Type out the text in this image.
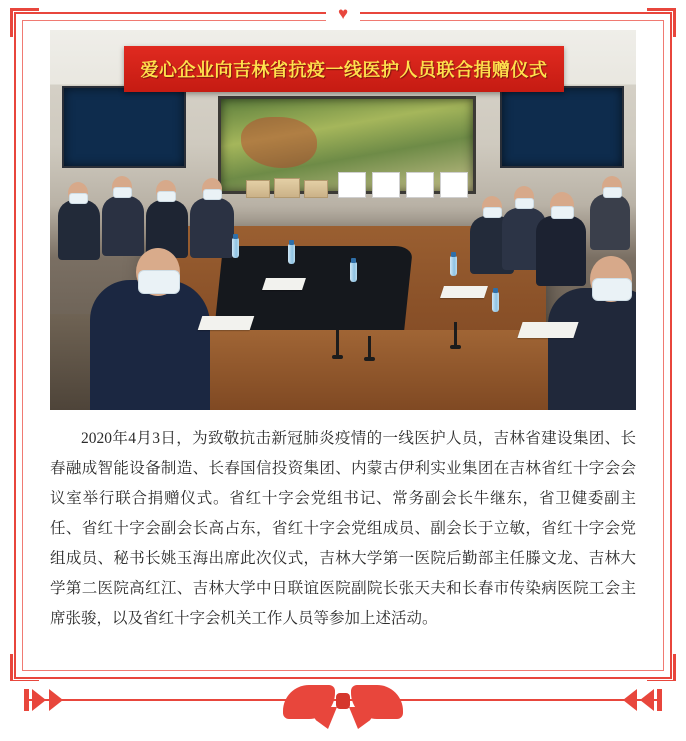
♥
爱心企业向吉林省抗疫一线医护人员联合捐赠仪式

2020年4月3日，为致敬抗击新冠肺炎疫情的一线医护人员，吉林省建设集团、长春融成智能设备制造、长春国信投资集团、内蒙古伊利实业集团在吉林省红十字会会议室举行联合捐赠仪式。省红十字会党组书记、常务副会长牛继东，省卫健委副主任、省红十字会副会长高占东，省红十字会党组成员、副会长于立敏，省红十字会党组成员、秘书长姚玉海出席此次仪式，吉林大学第一医院后勤部主任滕文龙、吉林大学第二医院高红江、吉林大学中日联谊医院副院长张天夫和长春市传染病医院工会主席张骏，以及省红十字会机关工作人员等参加上述活动。
